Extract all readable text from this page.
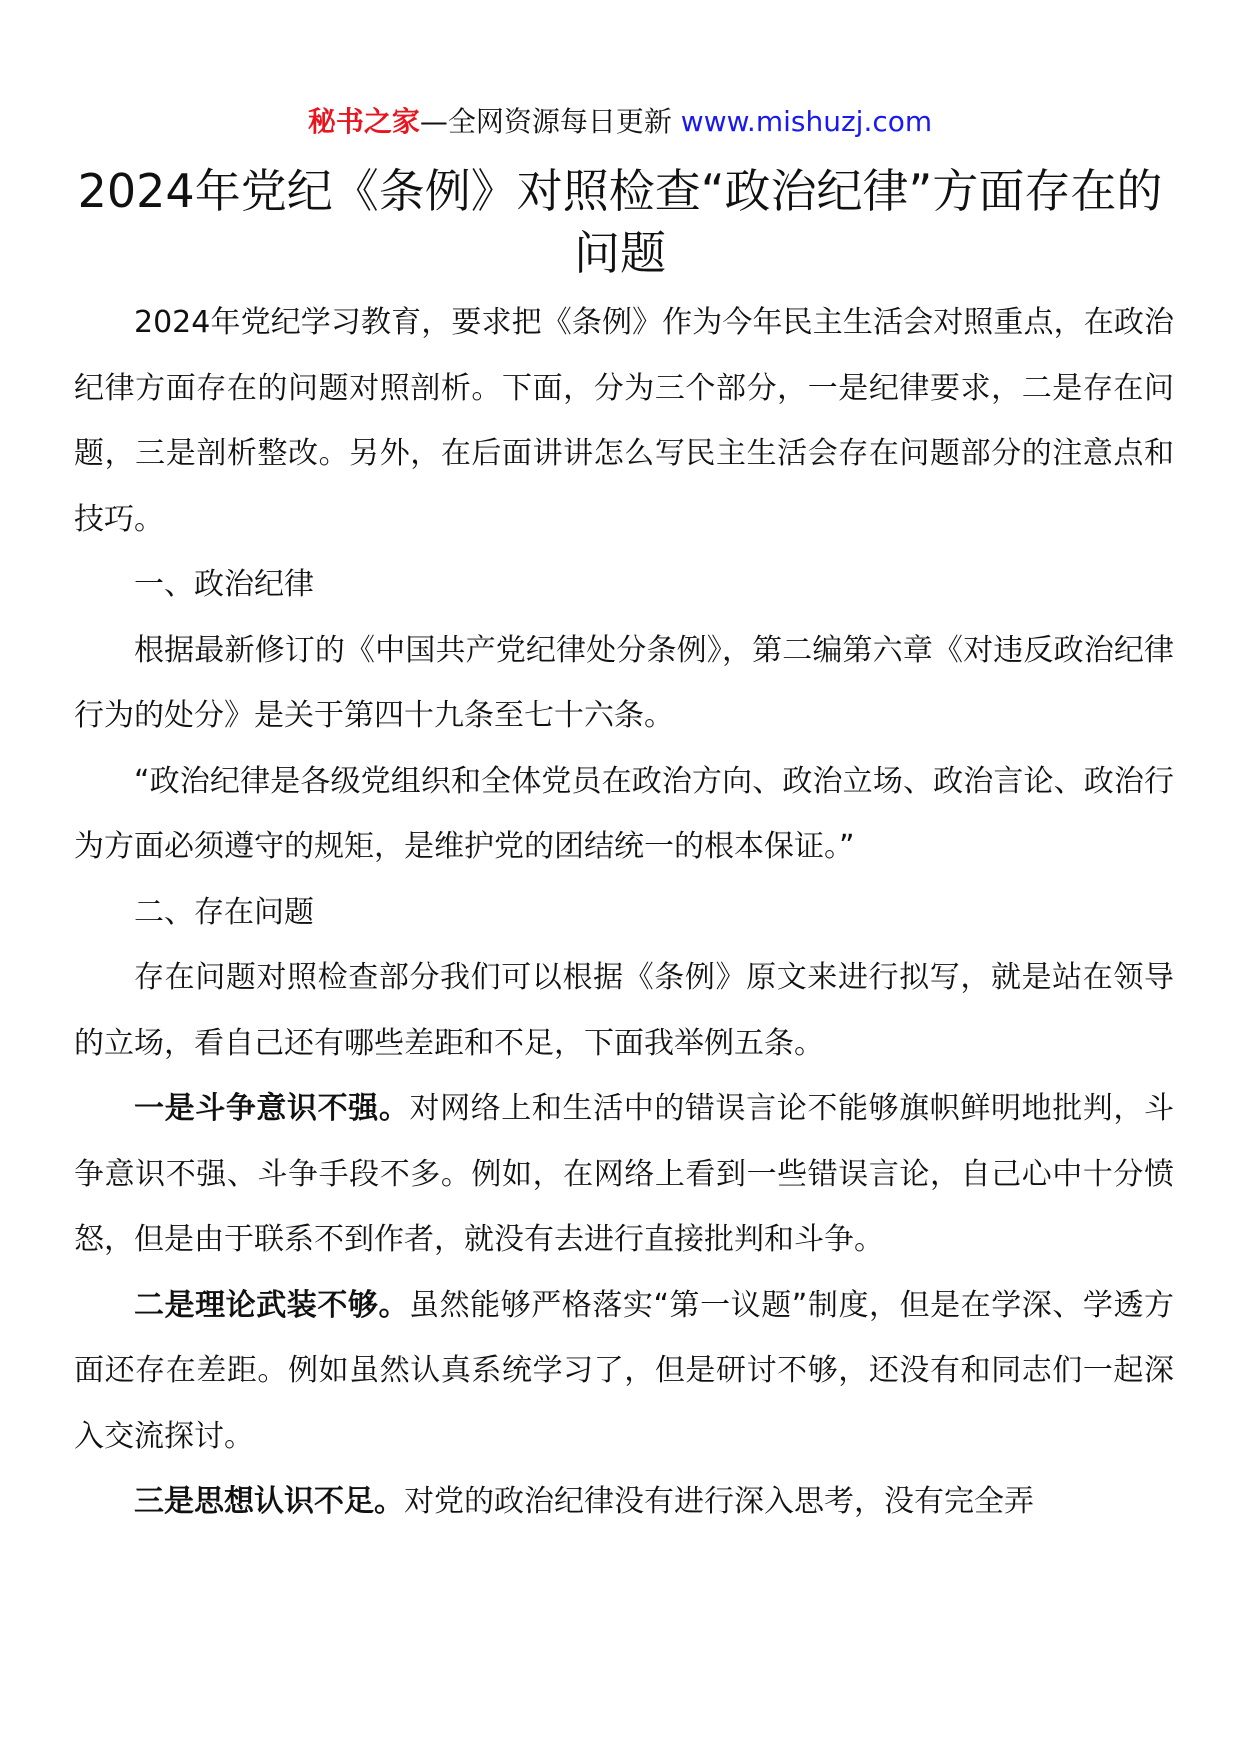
秘书之家—全网资源每日更新 www.mishuzj.com
2024年党纪《条例》对照检查“政治纪律”方面存在的问题

2024年党纪学习教育，要求把《条例》作为今年民主生活会对照重点，在政治纪律方面存在的问题对照剖析。下面，分为三个部分，一是纪律要求，二是存在问题，三是剖析整改。另外，在后面讲讲怎么写民主生活会存在问题部分的注意点和技巧。

一、政治纪律

根据最新修订的《中国共产党纪律处分条例》，第二编第六章《对违反政治纪律行为的处分》是关于第四十九条至七十六条。

“政治纪律是各级党组织和全体党员在政治方向、政治立场、政治言论、政治行为方面必须遵守的规矩，是维护党的团结统一的根本保证。”

二、存在问题

存在问题对照检查部分我们可以根据《条例》原文来进行拟写，就是站在领导的立场，看自己还有哪些差距和不足，下面我举例五条。

一是斗争意识不强。对网络上和生活中的错误言论不能够旗帜鲜明地批判，斗争意识不强、斗争手段不多。例如，在网络上看到一些错误言论，自己心中十分愤怒，但是由于联系不到作者，就没有去进行直接批判和斗争。

二是理论武装不够。虽然能够严格落实“第一议题”制度，但是在学深、学透方面还存在差距。例如虽然认真系统学习了，但是研讨不够，还没有和同志们一起深入交流探讨。

三是思想认识不足。对党的政治纪律没有进行深入思考，没有完全弄
